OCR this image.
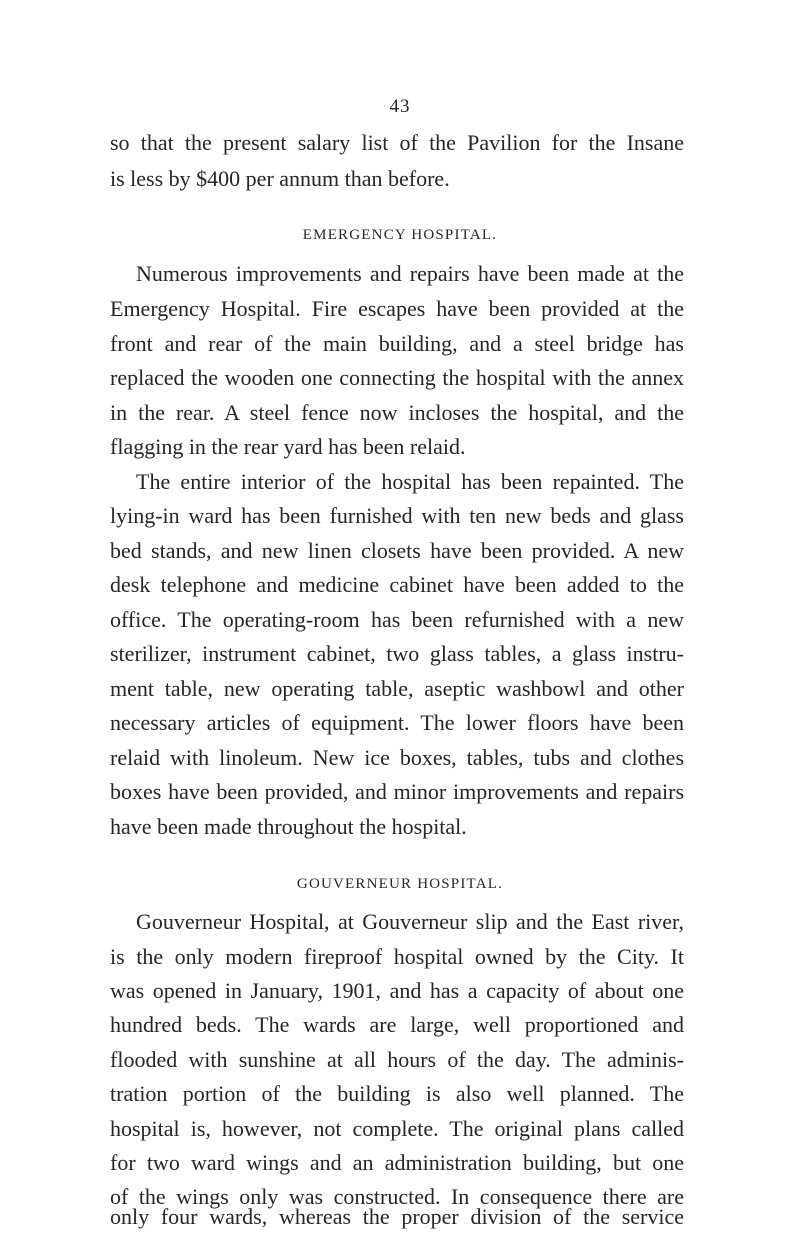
43
so that the present salary list of the Pavilion for the Insane
is less by $400 per annum than before.
EMERGENCY HOSPITAL.
Numerous improvements and repairs have been made at the
Emergency Hospital. Fire escapes have been provided at the
front and rear of the main building, and a steel bridge has
replaced the wooden one connecting the hospital with the annex
in the rear. A steel fence now incloses the hospital, and the
flagging in the rear yard has been relaid.
The entire interior of the hospital has been repainted. The
lying-in ward has been furnished with ten new beds and glass
bed stands, and new linen closets have been provided. A new
desk telephone and medicine cabinet have been added to the
office. The operating-room has been refurnished with a new
sterilizer, instrument cabinet, two glass tables, a glass instru-
ment table, new operating table, aseptic washbowl and other
necessary articles of equipment. The lower floors have been
relaid with linoleum. New ice boxes, tables, tubs and clothes
boxes have been provided, and minor improvements and repairs
have been made throughout the hospital.
GOUVERNEUR HOSPITAL.
Gouverneur Hospital, at Gouverneur slip and the East river,
is the only modern fireproof hospital owned by the City. It
was opened in January, 1901, and has a capacity of about one
hundred beds. The wards are large, well proportioned and
flooded with sunshine at all hours of the day. The adminis-
tration portion of the building is also well planned. The
hospital is, however, not complete. The original plans called
for two ward wings and an administration building, but one
of the wings only was constructed. In consequence there are
only four wards, whereas the proper division of the service
